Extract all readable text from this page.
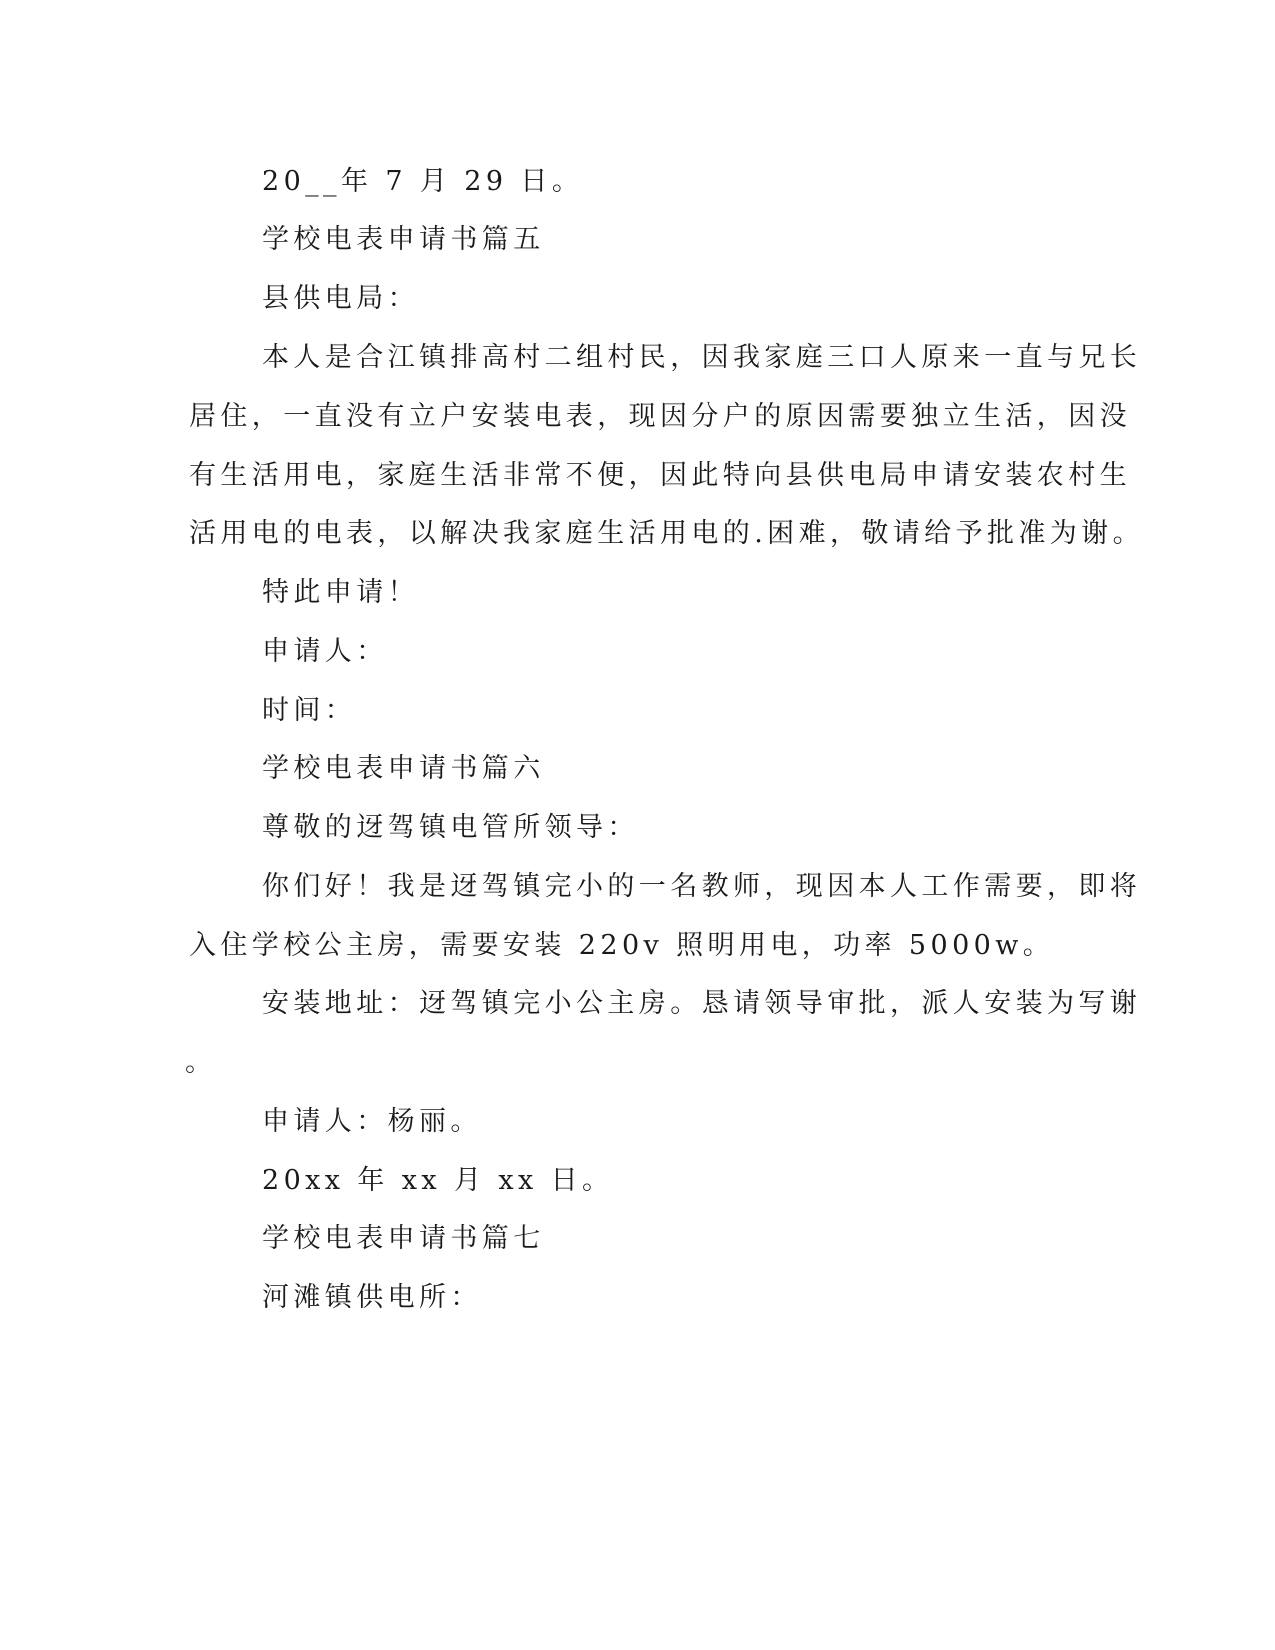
20__年 7 月 29 日。
学校电表申请书篇五
县供电局：
本人是合江镇排高村二组村民，因我家庭三口人原来一直与兄长
居住，一直没有立户安装电表，现因分户的原因需要独立生活，因没
有生活用电，家庭生活非常不便，因此特向县供电局申请安装农村生
活用电的电表，以解决我家庭生活用电的.困难，敬请给予批准为谢。
特此申请！
申请人：
时间：
学校电表申请书篇六
尊敬的迓驾镇电管所领导：
你们好！我是迓驾镇完小的一名教师，现因本人工作需要，即将
入住学校公主房，需要安装 220v 照明用电，功率 5000w。
安装地址：迓驾镇完小公主房。恳请领导审批，派人安装为写谢
。
申请人：杨丽。
20xx 年 xx 月 xx 日。
学校电表申请书篇七
河滩镇供电所：
